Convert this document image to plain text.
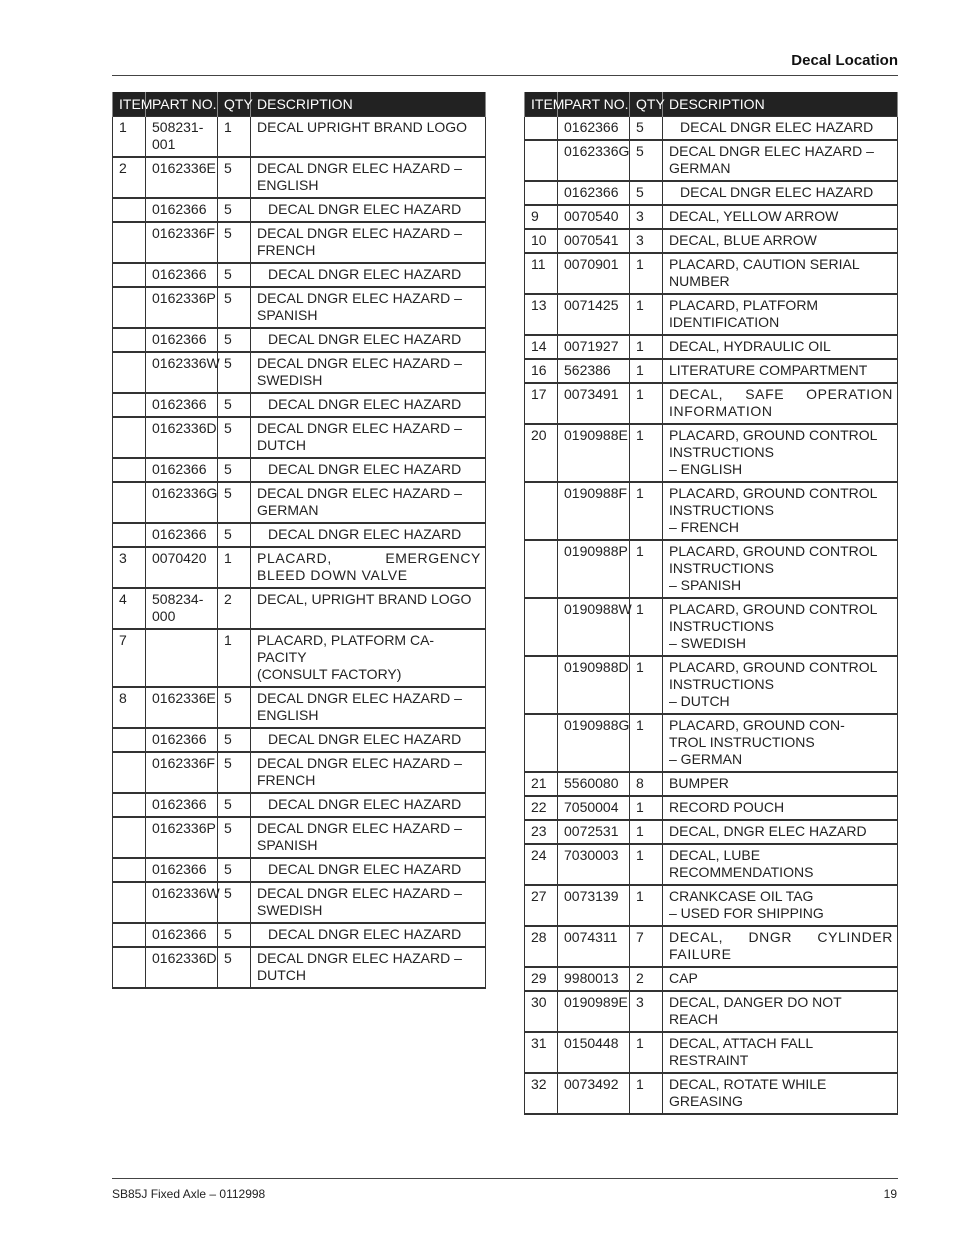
Decal Location
ITEM	PART NO.	QTY	DESCRIPTION
1	508231-001	1	DECAL UPRIGHT BRAND LOGO
2	0162336E	5	DECAL DNGR ELEC HAZARD – ENGLISH
	0162366	5	DECAL DNGR ELEC HAZARD
	0162336F	5	DECAL DNGR ELEC HAZARD – FRENCH
	0162366	5	DECAL DNGR ELEC HAZARD
	0162336P	5	DECAL DNGR ELEC HAZARD – SPANISH
	0162366	5	DECAL DNGR ELEC HAZARD
	0162336W	5	DECAL DNGR ELEC HAZARD – SWEDISH
	0162366	5	DECAL DNGR ELEC HAZARD
	0162336D	5	DECAL DNGR ELEC HAZARD – DUTCH
	0162366	5	DECAL DNGR ELEC HAZARD
	0162336G	5	DECAL DNGR ELEC HAZARD – GERMAN
	0162366	5	DECAL DNGR ELEC HAZARD
3	0070420	1	PLACARD, EMERGENCY BLEED DOWN VALVE
4	508234-000	2	DECAL, UPRIGHT BRAND LOGO
7		1	PLACARD, PLATFORM CA-
PACITY
(CONSULT FACTORY)
8	0162336E	5	DECAL DNGR ELEC HAZARD – ENGLISH
	0162366	5	DECAL DNGR ELEC HAZARD
	0162336F	5	DECAL DNGR ELEC HAZARD – FRENCH
	0162366	5	DECAL DNGR ELEC HAZARD
	0162336P	5	DECAL DNGR ELEC HAZARD – SPANISH
	0162366	5	DECAL DNGR ELEC HAZARD
	0162336W	5	DECAL DNGR ELEC HAZARD – SWEDISH
	0162366	5	DECAL DNGR ELEC HAZARD
	0162336D	5	DECAL DNGR ELEC HAZARD – DUTCH
ITEM	PART NO.	QTY	DESCRIPTION
	0162366	5	DECAL DNGR ELEC HAZARD
	0162336G	5	DECAL DNGR ELEC HAZARD – GERMAN
	0162366	5	DECAL DNGR ELEC HAZARD
9	0070540	3	DECAL, YELLOW ARROW
10	0070541	3	DECAL, BLUE ARROW
11	0070901	1	PLACARD, CAUTION SERIAL NUMBER
13	0071425	1	PLACARD, PLATFORM IDENTIFICATION
14	0071927	1	DECAL, HYDRAULIC OIL
16	562386	1	LITERATURE COMPARTMENT
17	0073491	1	DECAL, SAFE OPERATION INFORMATION
20	0190988E	1	PLACARD, GROUND CONTROL INSTRUCTIONS
– ENGLISH
	0190988F	1	PLACARD, GROUND CONTROL INSTRUCTIONS
– FRENCH
	0190988P	1	PLACARD, GROUND CONTROL INSTRUCTIONS
– SPANISH
	0190988W	1	PLACARD, GROUND CONTROL INSTRUCTIONS
– SWEDISH
	0190988D	1	PLACARD, GROUND CONTROL INSTRUCTIONS
– DUTCH
	0190988G	1	PLACARD, GROUND CON-
TROL INSTRUCTIONS
– GERMAN
21	5560080	8	BUMPER
22	7050004	1	RECORD POUCH
23	0072531	1	DECAL, DNGR ELEC HAZARD
24	7030003	1	DECAL, LUBE RECOMMENDATIONS
27	0073139	1	CRANKCASE OIL TAG
– USED FOR SHIPPING
28	0074311	7	DECAL, DNGR CYLINDER FAILURE
29	9980013	2	CAP
30	0190989E	3	DECAL, DANGER DO NOT REACH
31	0150448	1	DECAL, ATTACH FALL RESTRAINT
32	0073492	1	DECAL, ROTATE WHILE GREASING
SB85J Fixed Axle – 0112998	19
